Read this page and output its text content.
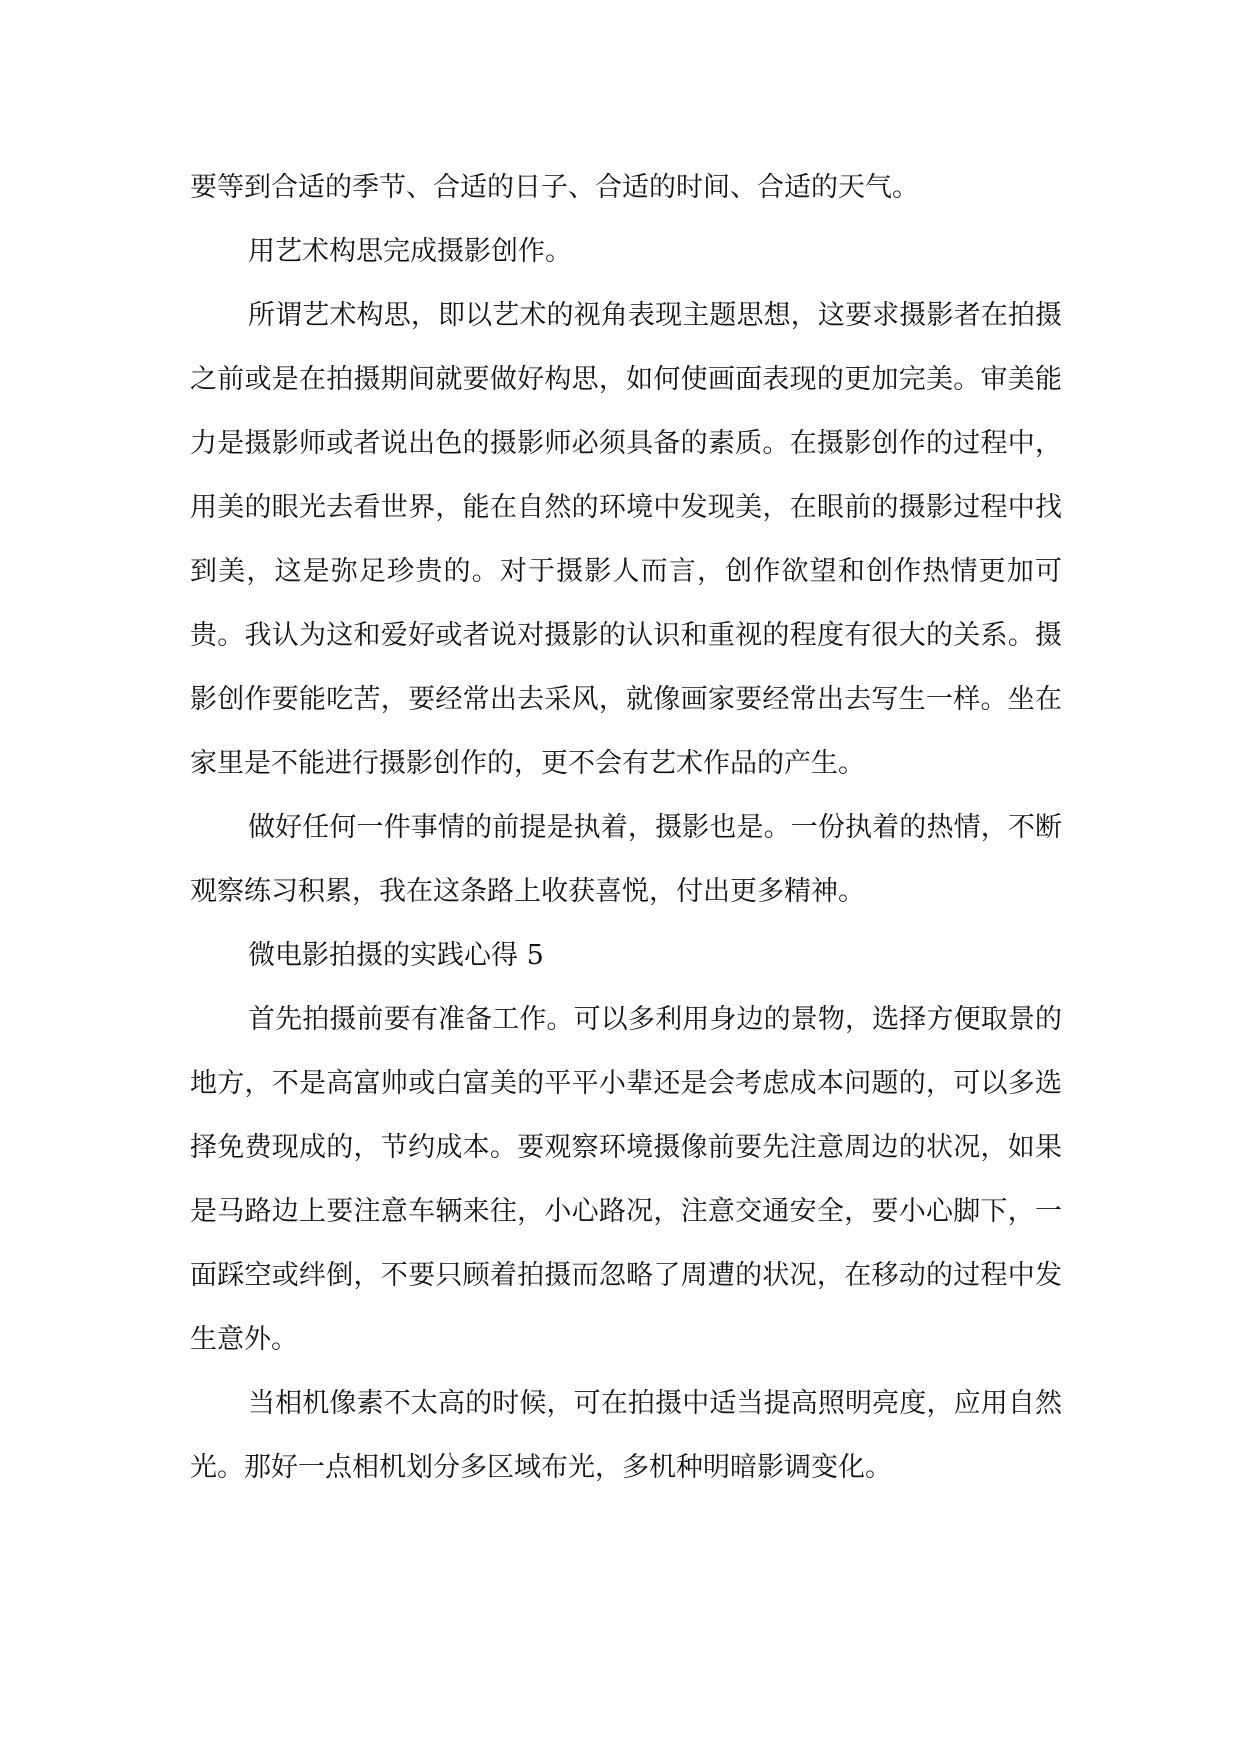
要等到合适的季节、合适的日子、合适的时间、合适的天气。
用艺术构思完成摄影创作。
所谓艺术构思，即以艺术的视角表现主题思想，这要求摄影者在拍摄之前或是在拍摄期间就要做好构思，如何使画面表现的更加完美。审美能力是摄影师或者说出色的摄影师必须具备的素质。在摄影创作的过程中，用美的眼光去看世界，能在自然的环境中发现美，在眼前的摄影过程中找到美，这是弥足珍贵的。对于摄影人而言，创作欲望和创作热情更加可贵。我认为这和爱好或者说对摄影的认识和重视的程度有很大的关系。摄影创作要能吃苦，要经常出去采风，就像画家要经常出去写生一样。坐在家里是不能进行摄影创作的，更不会有艺术作品的产生。
做好任何一件事情的前提是执着，摄影也是。一份执着的热情，不断观察练习积累，我在这条路上收获喜悦，付出更多精神。
微电影拍摄的实践心得 5
首先拍摄前要有准备工作。可以多利用身边的景物，选择方便取景的地方，不是高富帅或白富美的平平小辈还是会考虑成本问题的，可以多选择免费现成的，节约成本。要观察环境摄像前要先注意周边的状况，如果是马路边上要注意车辆来往，小心路况，注意交通安全，要小心脚下，一面踩空或绊倒，不要只顾着拍摄而忽略了周遭的状况，在移动的过程中发生意外。
当相机像素不太高的时候，可在拍摄中适当提高照明亮度，应用自然光。那好一点相机划分多区域布光，多机种明暗影调变化。
